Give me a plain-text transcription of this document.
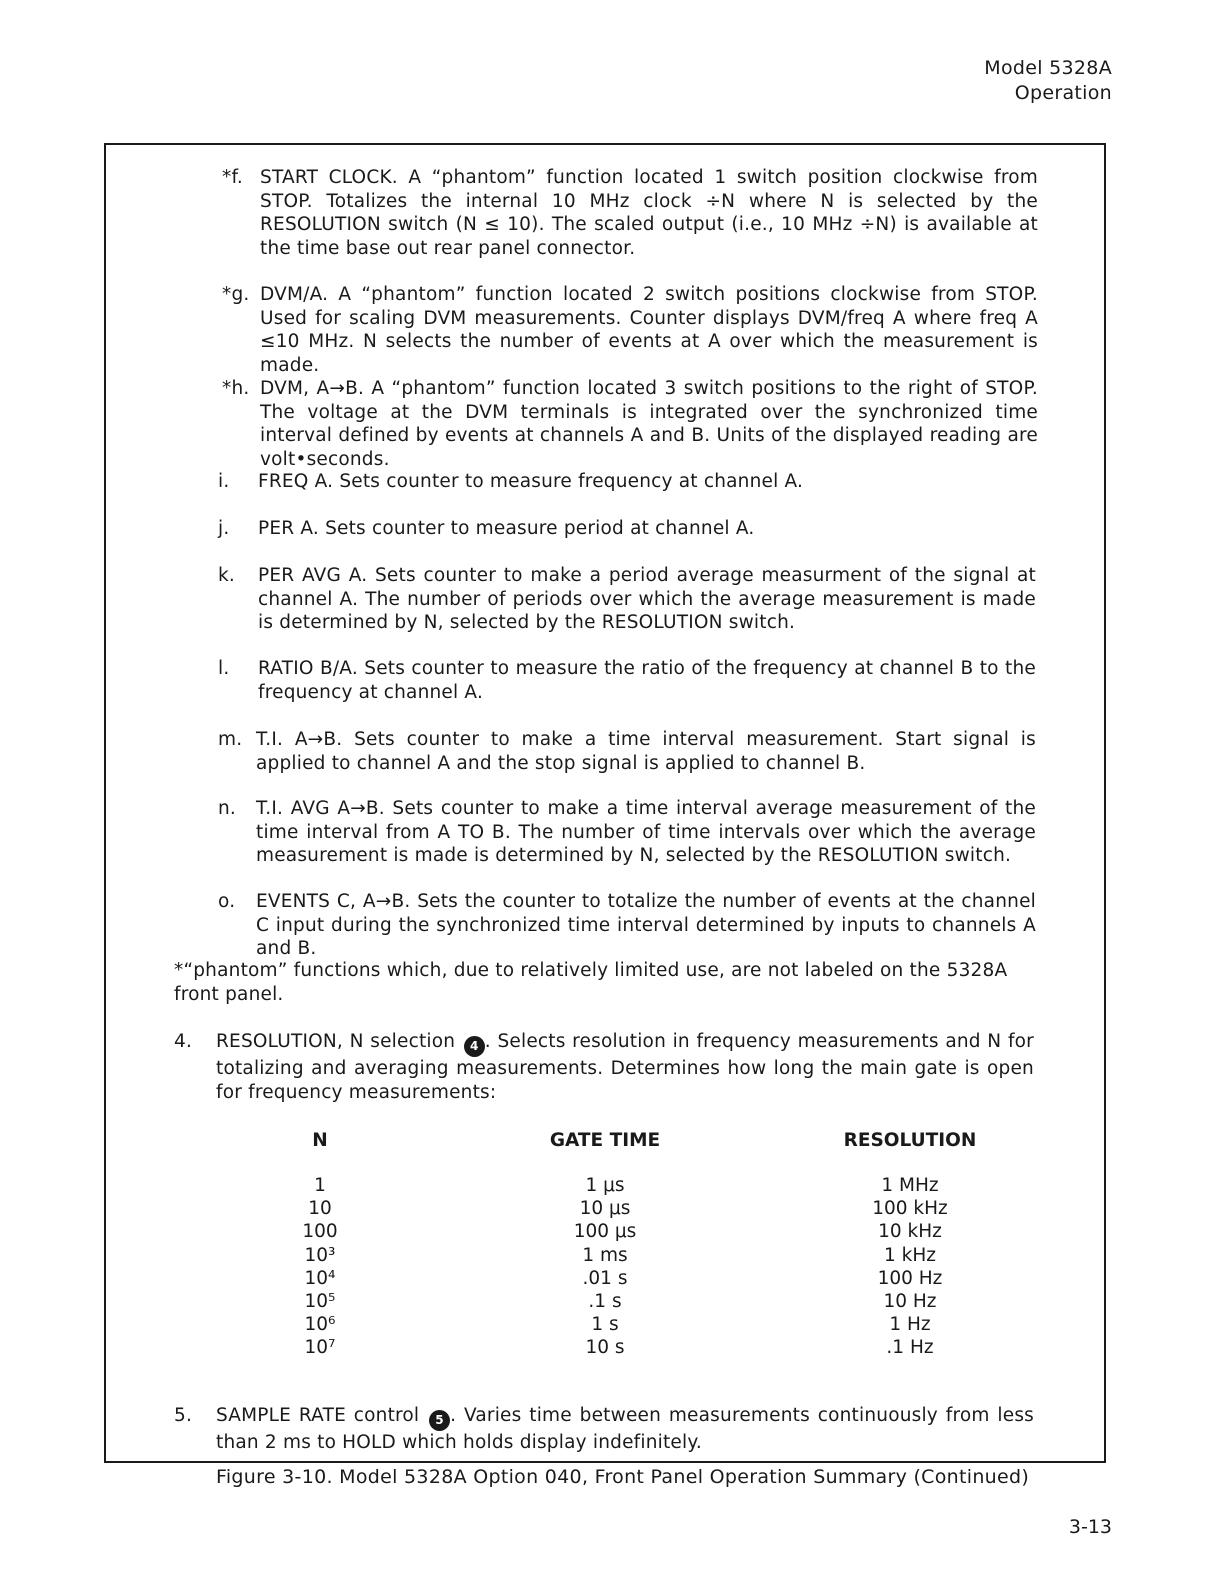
Model 5328A
Operation
*f. START CLOCK. A “phantom” function located 1 switch position clockwise from STOP. Totalizes the internal 10 MHz clock ÷N where N is selected by the RESOLUTION switch (N ≤ 10). The scaled output (i.e., 10 MHz ÷N) is available at the time base out rear panel connector.
*g. DVM/A. A “phantom” function located 2 switch positions clockwise from STOP. Used for scaling DVM measurements. Counter displays DVM/freq A where freq A ≤10 MHz. N selects the number of events at A over which the measurement is made.
*h. DVM, A→B. A “phantom” function located 3 switch positions to the right of STOP. The voltage at the DVM terminals is integrated over the synchronized time interval defined by events at channels A and B. Units of the displayed reading are volt•seconds.
i. FREQ A. Sets counter to measure frequency at channel A.
j. PER A. Sets counter to measure period at channel A.
k. PER AVG A. Sets counter to make a period average measurment of the signal at channel A. The number of periods over which the average measurement is made is determined by N, selected by the RESOLUTION switch.
l. RATIO B/A. Sets counter to measure the ratio of the frequency at channel B to the frequency at channel A.
m. T.I. A→B. Sets counter to make a time interval measurement. Start signal is applied to channel A and the stop signal is applied to channel B.
n. T.I. AVG A→B. Sets counter to make a time interval average measurement of the time interval from A TO B. The number of time intervals over which the average measurement is made is determined by N, selected by the RESOLUTION switch.
o. EVENTS C, A→B. Sets the counter to totalize the number of events at the channel C input during the synchronized time interval determined by inputs to channels A and B.
*“phantom” functions which, due to relatively limited use, are not labeled on the 5328A front panel.
4. RESOLUTION, N selection 4 . Selects resolution in frequency measurements and N for totalizing and averaging measurements. Determines how long the main gate is open for frequency measurements:
N	GATE TIME	RESOLUTION

1	1 μs	1 MHz
10	10 μs	100 kHz
100	100 μs	10 kHz
10³	1 ms	1 kHz
10⁴	.01 s	100 Hz
10⁵	.1 s	10 Hz
10⁶	1 s	1 Hz
10⁷	10 s	.1 Hz
5. SAMPLE RATE control 5 . Varies time between measurements continuously from less than 2 ms to HOLD which holds display indefinitely.
Figure 3-10. Model 5328A Option 040, Front Panel Operation Summary (Continued)
3-13
